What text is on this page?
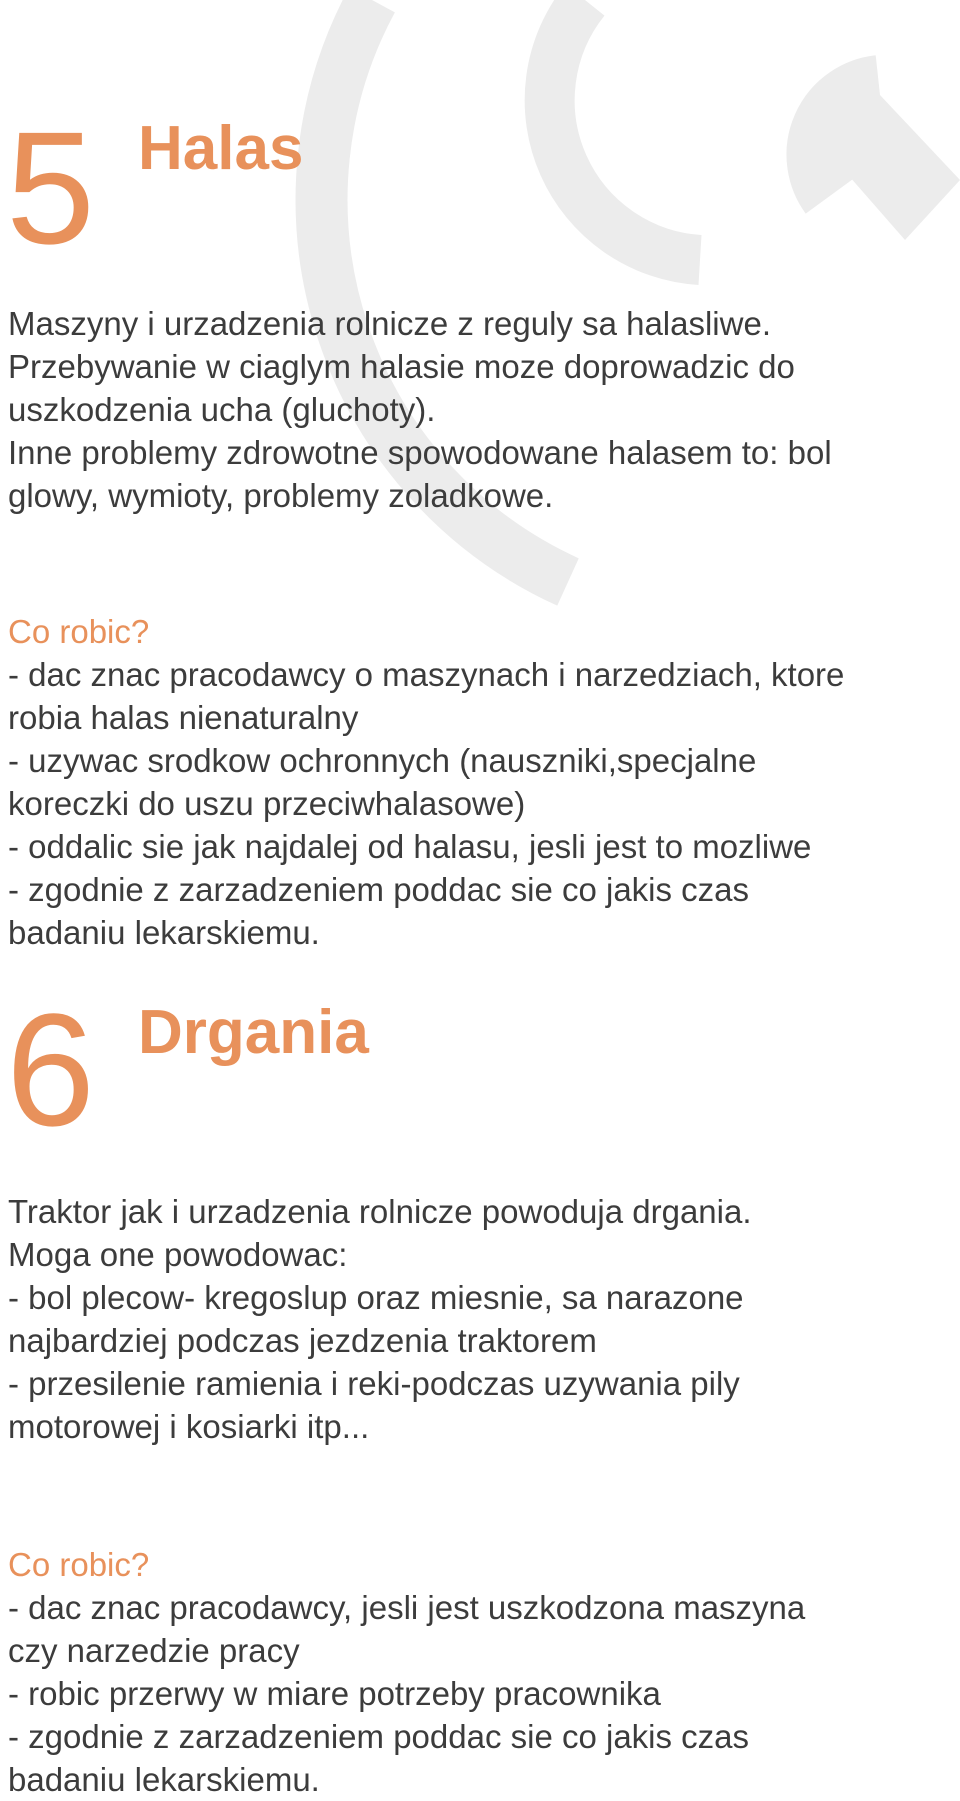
5 Halas
Maszyny i urzadzenia rolnicze z reguly sa halasliwe.
Przebywanie w ciaglym halasie moze doprowadzic do
uszkodzenia ucha (gluchoty).
Inne problemy zdrowotne spowodowane halasem to: bol
glowy, wymioty, problemy zoladkowe.
Co robic?
- dac znac pracodawcy o maszynach i narzedziach, ktore
robia halas nienaturalny
- uzywac srodkow ochronnych (nauszniki,specjalne
koreczki do uszu przeciwhalasowe)
- oddalic sie jak najdalej od halasu, jesli jest to mozliwe
- zgodnie z zarzadzeniem poddac sie co jakis czas
badaniu lekarskiemu.
6 Drgania
Traktor jak i urzadzenia rolnicze powoduja drgania.
Moga one powodowac:
- bol plecow- kregoslup oraz miesnie, sa narazone
najbardziej podczas jezdzenia traktorem
- przesilenie ramienia i reki-podczas uzywania pily
motorowej i kosiarki itp...
Co robic?
- dac znac pracodawcy, jesli jest uszkodzona maszyna
czy narzedzie pracy
- robic przerwy w miare potrzeby pracownika
- zgodnie z zarzadzeniem poddac sie co jakis czas
badaniu lekarskiemu.
